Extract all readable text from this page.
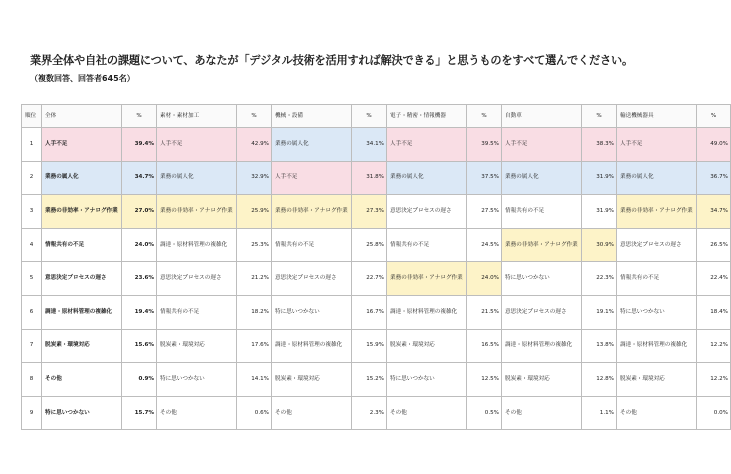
業界全体や自社の課題について、あなたが「デジタル技術を活用すれば解決できる」と思うものをすべて選んでください。
（複数回答、回答者645名）
順位	全体	%	素材・素材加工	%	機械・設備	%	電子・精密・情報機器	%	自動車	%	輸送機械器具	%
1	人手不足	39.4%	人手不足	42.9%	業務の属人化	34.1%	人手不足	39.5%	人手不足	38.3%	人手不足	49.0%
2	業務の属人化	34.7%	業務の属人化	32.9%	人手不足	31.8%	業務の属人化	37.5%	業務の属人化	31.9%	業務の属人化	36.7%
3	業務の非効率・アナログ作業	27.0%	業務の非効率・アナログ作業	25.9%	業務の非効率・アナログ作業	27.3%	意思決定プロセスの遅さ	27.5%	情報共有の不足	31.9%	業務の非効率・アナログ作業	34.7%
4	情報共有の不足	24.0%	調達・原材料管理の複雑化	25.3%	情報共有の不足	25.8%	情報共有の不足	24.5%	業務の非効率・アナログ作業	30.9%	意思決定プロセスの遅さ	26.5%
5	意思決定プロセスの遅さ	23.6%	意思決定プロセスの遅さ	21.2%	意思決定プロセスの遅さ	22.7%	業務の非効率・アナログ作業	24.0%	特に思いつかない	22.3%	情報共有の不足	22.4%
6	調達・原材料管理の複雑化	19.4%	情報共有の不足	18.2%	特に思いつかない	16.7%	調達・原材料管理の複雑化	21.5%	意思決定プロセスの遅さ	19.1%	特に思いつかない	18.4%
7	脱炭素・環境対応	15.6%	脱炭素・環境対応	17.6%	調達・原材料管理の複雑化	15.9%	脱炭素・環境対応	16.5%	調達・原材料管理の複雑化	13.8%	調達・原材料管理の複雑化	12.2%
8	その他	0.9%	特に思いつかない	14.1%	脱炭素・環境対応	15.2%	特に思いつかない	12.5%	脱炭素・環境対応	12.8%	脱炭素・環境対応	12.2%
9	特に思いつかない	15.7%	その他	0.6%	その他	2.3%	その他	0.5%	その他	1.1%	その他	0.0%
